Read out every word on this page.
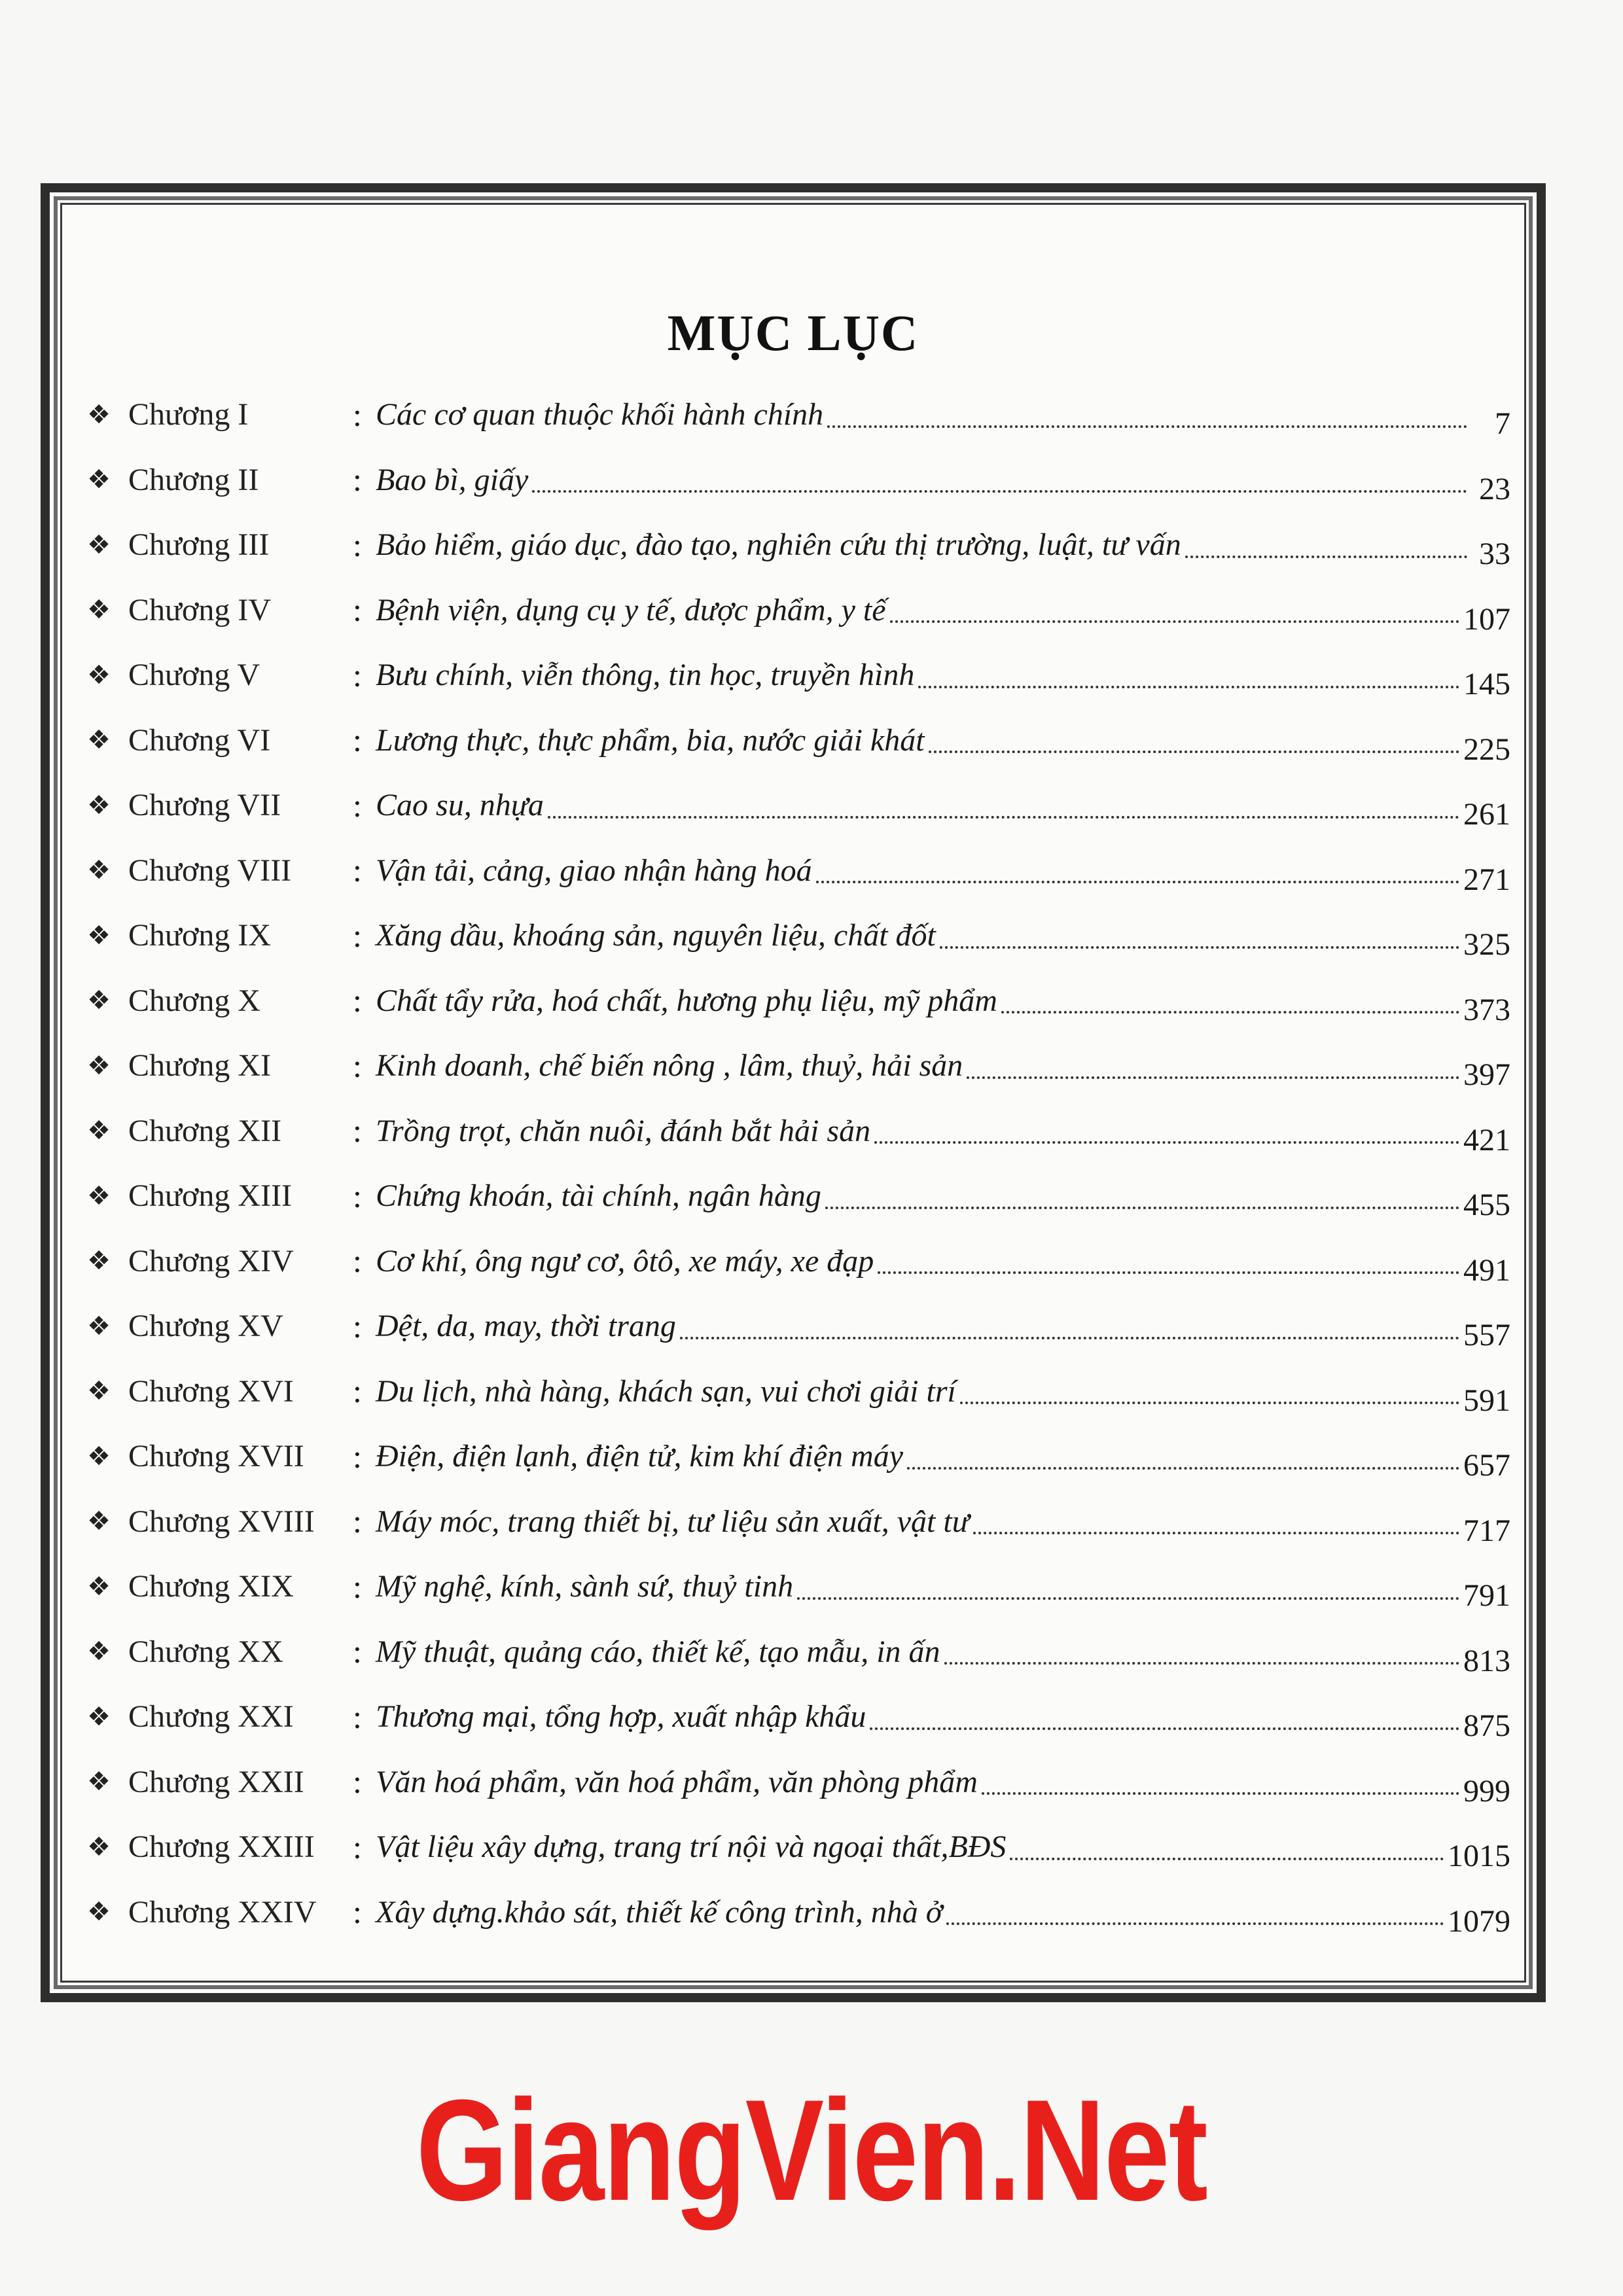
MỤC LỤC
❖ Chương I	: Các cơ quan thuộc khối hành chính	7
❖ Chương II	: Bao bì, giấy	23
❖ Chương III	: Bảo hiểm, giáo dục, đào tạo, nghiên cứu thị trường, luật, tư vấn	33
❖ Chương IV	: Bệnh viện, dụng cụ y tế, dược phẩm, y tế	107
❖ Chương V	: Bưu chính, viễn thông, tin học, truyền hình	145
❖ Chương VI	: Lương thực, thực phẩm, bia, nước giải khát	225
❖ Chương VII	: Cao su, nhựa	261
❖ Chương VIII	: Vận tải, cảng, giao nhận hàng hoá	271
❖ Chương IX	: Xăng dầu, khoáng sản, nguyên liệu, chất đốt	325
❖ Chương X	: Chất tẩy rửa, hoá chất, hương phụ liệu, mỹ phẩm	373
❖ Chương XI	: Kinh doanh, chế biến nông , lâm, thuỷ, hải sản	397
❖ Chương XII	: Trồng trọt, chăn nuôi, đánh bắt hải sản	421
❖ Chương XIII	: Chứng khoán, tài chính, ngân hàng	455
❖ Chương XIV	: Cơ khí, ông ngư cơ, ôtô, xe máy, xe đạp	491
❖ Chương XV	: Dệt, da, may, thời trang	557
❖ Chương XVI	: Du lịch, nhà hàng, khách sạn, vui chơi giải trí	591
❖ Chương XVII	: Điện, điện lạnh, điện tử, kim khí điện máy	657
❖ Chương XVIII	: Máy móc, trang thiết bị, tư liệu sản xuất, vật tư	717
❖ Chương XIX	: Mỹ nghệ, kính, sành sứ, thuỷ tinh	791
❖ Chương XX	: Mỹ thuật, quảng cáo, thiết kế, tạo mẫu, in ấn	813
❖ Chương XXI	: Thương mại, tổng hợp, xuất nhập khẩu	875
❖ Chương XXII	: Văn hoá phẩm, văn hoá phẩm, văn phòng phẩm	999
❖ Chương XXIII	: Vật liệu xây dựng, trang trí nội và ngoại thất,BĐS	1015
❖ Chương XXIV	: Xây dựng.khảo sát, thiết kế công trình, nhà ở	1079
GiangVien.Net
